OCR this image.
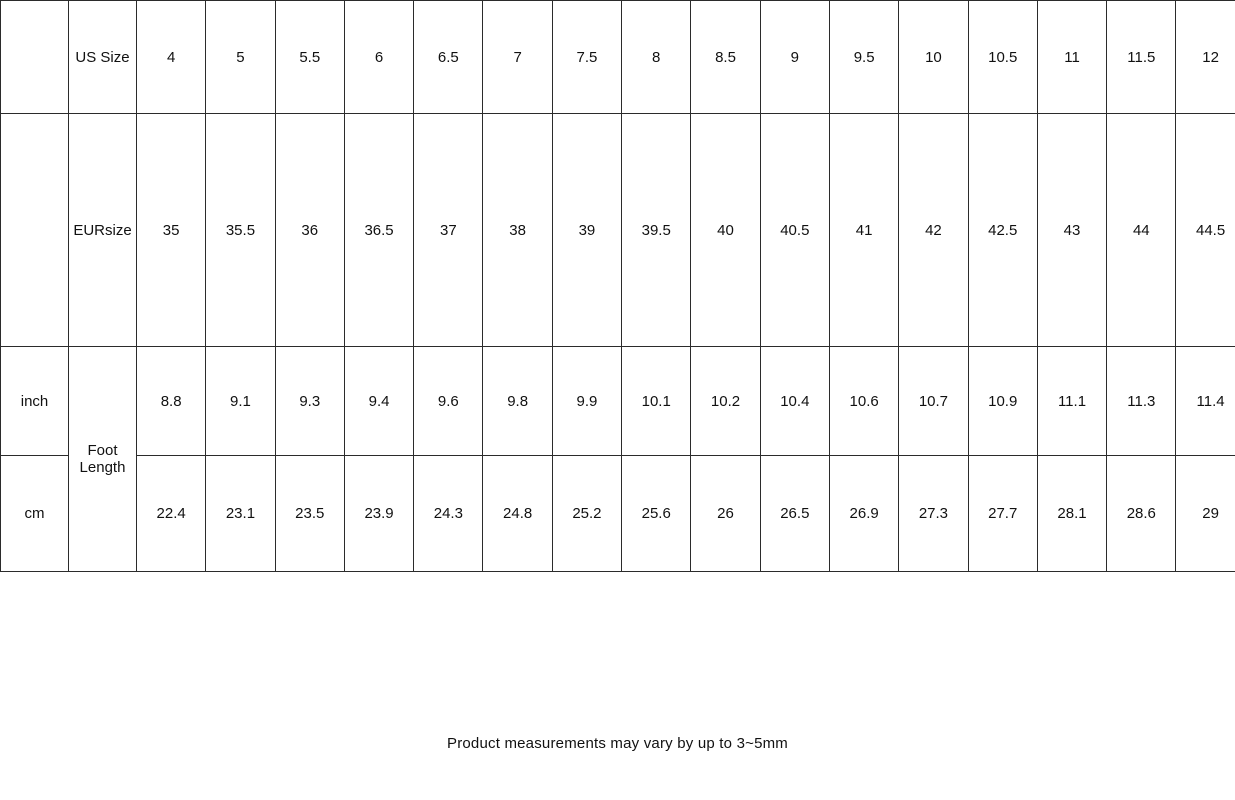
	US Size	4	5	5.5	6	6.5	7	7.5	8	8.5	9	9.5	10	10.5	11	11.5	12
	EURsize	35	35.5	36	36.5	37	38	39	39.5	40	40.5	41	42	42.5	43	44	44.5
inch	Foot Length	8.8	9.1	9.3	9.4	9.6	9.8	9.9	10.1	10.2	10.4	10.6	10.7	10.9	11.1	11.3	11.4
cm		22.4	23.1	23.5	23.9	24.3	24.8	25.2	25.6	26	26.5	26.9	27.3	27.7	28.1	28.6	29
Product measurements may vary by up to 3~5mm
